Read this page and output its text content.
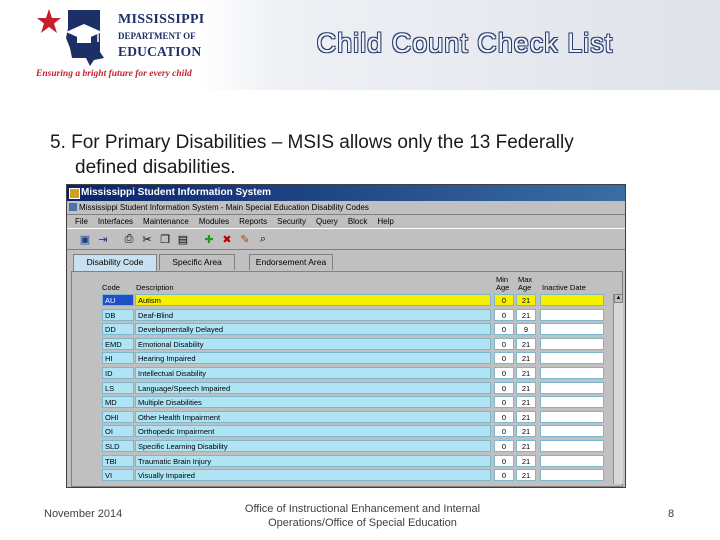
MISSISSIPPI
DEPARTMENT OF
EDUCATION
Ensuring a bright future for every child
Child Count Check List
5. For Primary Disabilities – MSIS allows only the 13 Federally
defined disabilities.
Mississippi Student Information System
Mississippi Student Information System - Main Special Education Disability Codes
File Interfaces Maintenance Modules Reports Security Query Block Help
▣ ⇥	⎙ ✂ ❐ ▤	✚ ✖ ✎ ⌕
Disability Code	Specific Area	Endorsement Area
Code Description
Min
Age
Max
Age Inactive Date
AU	Autism	0	21
DB	Deaf-Blind	0	21
DD	Developmentally Delayed	0	9
EMD	Emotional Disability	0	21
HI	Hearing Impaired	0	21
ID	Intellectual Disability	0	21
LS	Language/Speech Impaired	0	21
MD	Multiple Disabilities	0	21
OHI	Other Health Impairment	0	21
OI	Orthopedic Impairment	0	21
SLD	Specific Learning Disability	0	21
TBI	Traumatic Brain Injury	0	21
VI	Visually Impaired	0	21
▲
November 2014	Office of Instructional Enhancement and Internal
Operations/Office of Special Education
8
